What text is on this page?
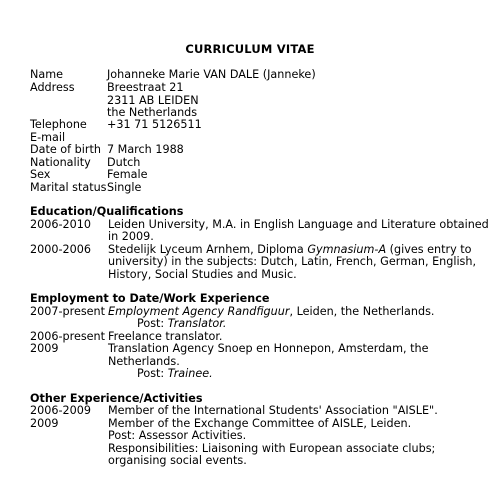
CURRICULUM VITAE
Name	Johanneke Marie VAN DALE (Janneke)
Address	Breestraat 21
2311 AB LEIDEN
the Netherlands
Telephone +31 71 5126511
E-mail
Date of birth 7 March 1988
Nationality Dutch
Sex	Female
Marital status Single
Education/Qualifications
2006-2010 Leiden University, M.A. in English Language and Literature obtained
in 2009.
2000-2006 Stedelijk Lyceum Arnhem, Diploma Gymnasium-A (gives entry to
university) in the subjects: Dutch, Latin, French, German, English,
History, Social Studies and Music.
Employment to Date/Work Experience
2007-present Employment Agency Randfiguur, Leiden, the Netherlands.
Post: Translator.
2006-present Freelance translator.
2009	Translation Agency Snoep en Honnepon, Amsterdam, the
Netherlands.
Post: Trainee.
Other Experience/Activities
2006-2009 Member of the International Students' Association "AISLE".
2009	Member of the Exchange Committee of AISLE, Leiden.
Post: Assessor Activities.
Responsibilities: Liaisoning with European associate clubs;
organising social events.
